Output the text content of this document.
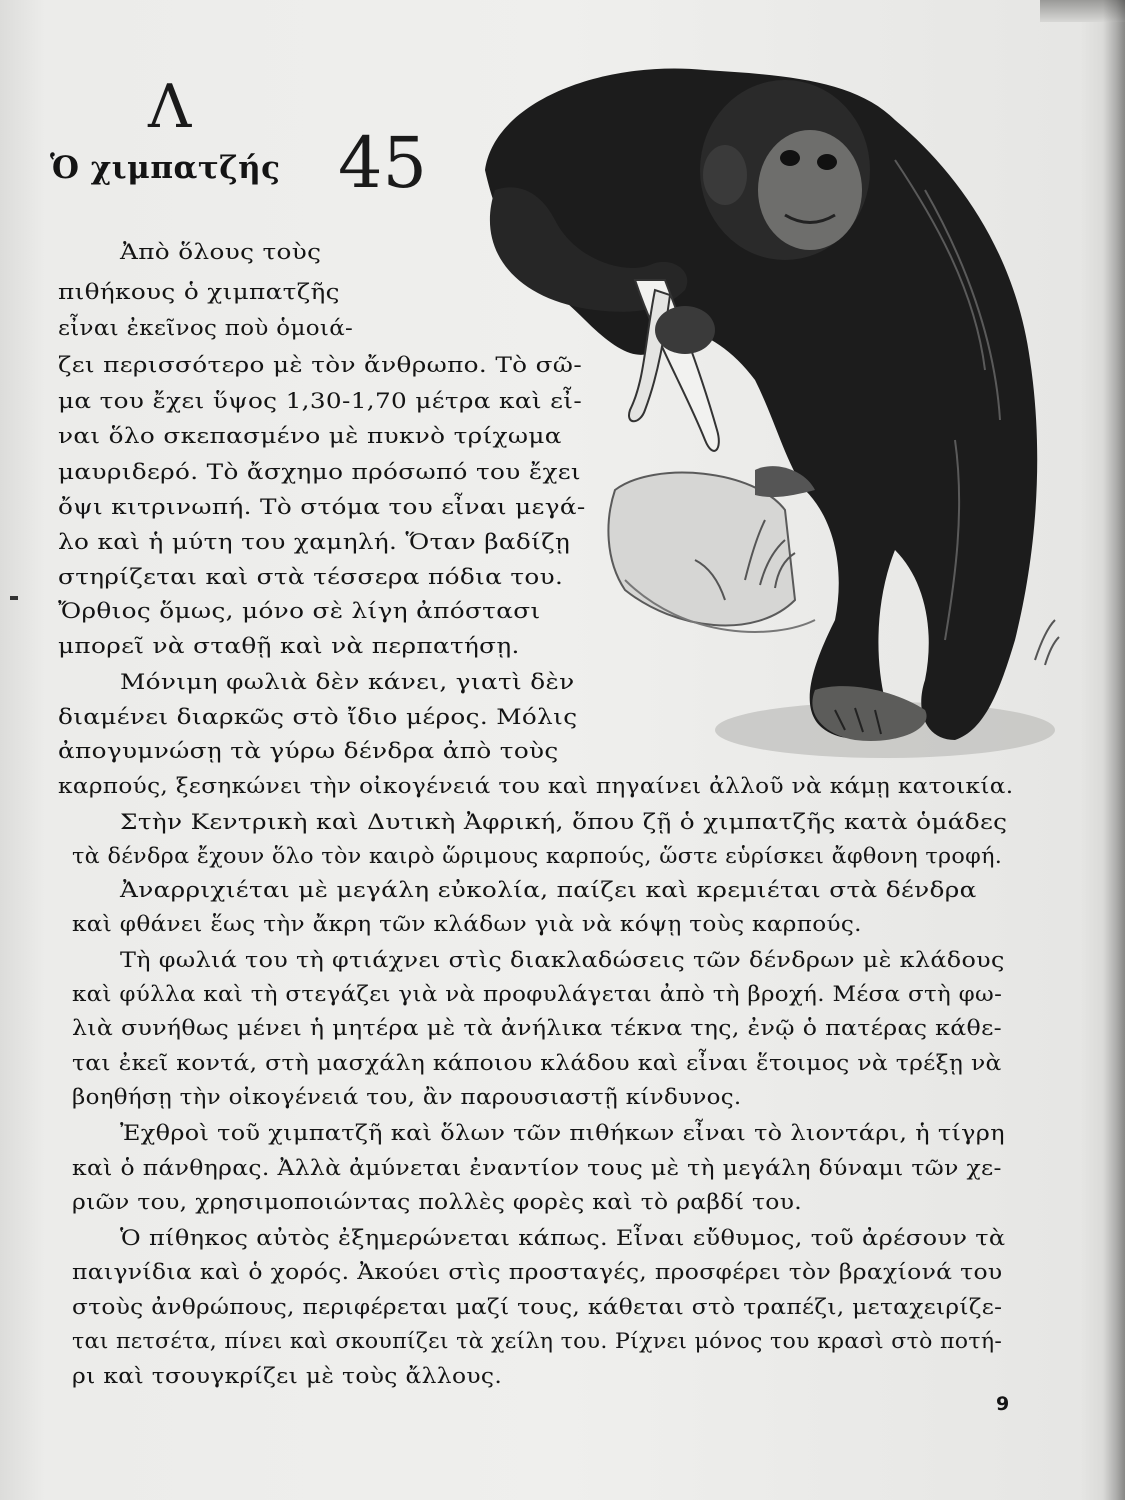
Λ
45
Ὁ χιμπατζής
Ἀπὸ ὅλους τοὺς
πιθήκους ὁ χιμπατζῆς
εἶναι ἐκεῖνος ποὺ ὁμοιά-
ζει περισσότερο μὲ τὸν ἄνθρωπο. Τὸ σῶ-
μα του ἔχει ὕψος 1,30-1,70 μέτρα καὶ εἶ-
ναι ὅλο σκεπασμένο μὲ πυκνὸ τρίχωμα
μαυριδερό. Τὸ ἄσχημο πρόσωπό του ἔχει
ὄψι κιτρινωπή. Τὸ στόμα του εἶναι μεγά-
λο καὶ ἡ μύτη του χαμηλή. Ὅταν βαδίζῃ
στηρίζεται καὶ στὰ τέσσερα πόδια του.
Ὄρθιος ὅμως, μόνο σὲ λίγη ἀπόστασι
μπορεῖ νὰ σταθῇ καὶ νὰ περπατήσῃ.
Μόνιμη φωλιὰ δὲν κάνει, γιατὶ δὲν
διαμένει διαρκῶς στὸ ἴδιο μέρος. Μόλις
ἀπογυμνώσῃ τὰ γύρω δένδρα ἀπὸ τοὺς
καρπούς, ξεσηκώνει τὴν οἰκογένειά του καὶ πηγαίνει ἀλλοῦ νὰ κάμῃ κατοικία.
Στὴν Κεντρικὴ καὶ Δυτικὴ Ἀφρική, ὅπου ζῇ ὁ χιμπατζῆς κατὰ ὁμάδες
τὰ δένδρα ἔχουν ὅλο τὸν καιρὸ ὥριμους καρπούς, ὥστε εὑρίσκει ἄφθονη τροφή.
Ἀναρριχιέται μὲ μεγάλη εὐκολία, παίζει καὶ κρεμιέται στὰ δένδρα
καὶ φθάνει ἕως τὴν ἄκρη τῶν κλάδων γιὰ νὰ κόψῃ τοὺς καρπούς.
Τὴ φωλιά του τὴ φτιάχνει στὶς διακλαδώσεις τῶν δένδρων μὲ κλάδους
καὶ φύλλα καὶ τὴ στεγάζει γιὰ νὰ προφυλάγεται ἀπὸ τὴ βροχή. Μέσα στὴ φω-
λιὰ συνήθως μένει ἡ μητέρα μὲ τὰ ἀνήλικα τέκνα της, ἐνῷ ὁ πατέρας κάθε-
ται ἐκεῖ κοντά, στὴ μασχάλη κάποιου κλάδου καὶ εἶναι ἕτοιμος νὰ τρέξῃ νὰ
βοηθήσῃ τὴν οἰκογένειά του, ἂν παρουσιαστῇ κίνδυνος.
Ἐχθροὶ τοῦ χιμπατζῆ καὶ ὅλων τῶν πιθήκων εἶναι τὸ λιοντάρι, ἡ τίγρη
καὶ ὁ πάνθηρας. Ἀλλὰ ἀμύνεται ἐναντίον τους μὲ τὴ μεγάλη δύναμι τῶν χε-
ριῶν του, χρησιμοποιώντας πολλὲς φορὲς καὶ τὸ ραβδί του.
Ὁ πίθηκος αὐτὸς ἐξημερώνεται κάπως. Εἶναι εὔθυμος, τοῦ ἀρέσουν τὰ
παιγνίδια καὶ ὁ χορός. Ἀκούει στὶς προσταγές, προσφέρει τὸν βραχίονά του
στοὺς ἀνθρώπους, περιφέρεται μαζί τους, κάθεται στὸ τραπέζι, μεταχειρίζε-
ται πετσέτα, πίνει καὶ σκουπίζει τὰ χείλη του. Ρίχνει μόνος του κρασὶ στὸ ποτή-
ρι καὶ τσουγκρίζει μὲ τοὺς ἄλλους.
9
